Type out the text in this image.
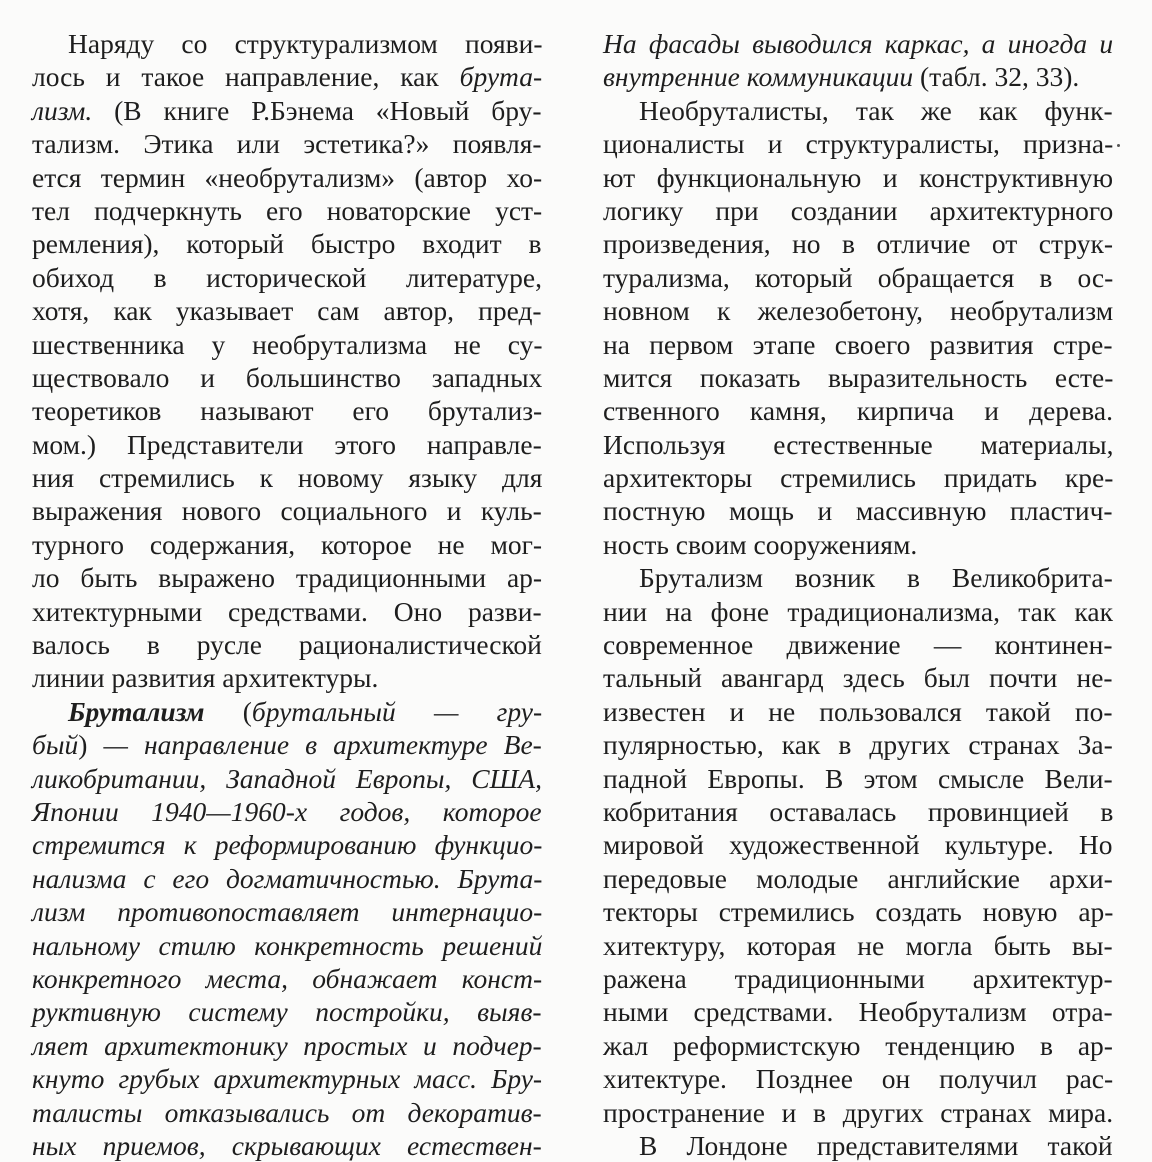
Наряду со структурализмом появи-
лось и такое направление, как брута-
лизм. (В книге Р.Бэнема «Новый бру-
тализм. Этика или эстетика?» появля-
ется термин «необрутализм» (автор хо-
тел подчеркнуть его новаторские уст-
ремления), который быстро входит в
обиход в исторической литературе,
хотя, как указывает сам автор, пред-
шественника у необрутализма не су-
ществовало и большинство западных
теоретиков называют его брутализ-
мом.) Представители этого направле-
ния стремились к новому языку для
выражения нового социального и куль-
турного содержания, которое не мог-
ло быть выражено традиционными ар-
хитектурными средствами. Оно разви-
валось в русле рационалистической
линии развития архитектуры.
Брутализм (брутальный — гру-
бый) — направление в архитектуре Ве-
ликобритании, Западной Европы, США,
Японии 1940—1960-х годов, которое
стремится к реформированию функцио-
нализма с его догматичностью. Брута-
лизм противопоставляет интернацио-
нальному стилю конкретность решений
конкретного места, обнажает конст-
руктивную систему постройки, выяв-
ляет архитектонику простых и подчер-
кнуто грубых архитектурных масс. Бру-
талисты отказывались от декоратив-
ных приемов, скрывающих естествен-
На фасады выводился каркас, а иногда и
внутренние коммуникации (табл. 32, 33).
Необруталисты, так же как функ-
ционалисты и структуралисты, призна-
ют функциональную и конструктивную
логику при создании архитектурного
произведения, но в отличие от струк-
турализма, который обращается в ос-
новном к железобетону, необрутализм
на первом этапе своего развития стре-
мится показать выразительность есте-
ственного камня, кирпича и дерева.
Используя естественные материалы,
архитекторы стремились придать кре-
постную мощь и массивную пластич-
ность своим сооружениям.
Брутализм возник в Великобрита-
нии на фоне традиционализма, так как
современное движение — континен-
тальный авангард здесь был почти не-
известен и не пользовался такой по-
пулярностью, как в других странах За-
падной Европы. В этом смысле Вели-
кобритания оставалась провинцией в
мировой художественной культуре. Но
передовые молодые английские архи-
текторы стремились создать новую ар-
хитектуру, которая не могла быть вы-
ражена традиционными архитектур-
ными средствами. Необрутализм отра-
жал реформистскую тенденцию в ар-
хитектуре. Позднее он получил рас-
пространение и в других странах мира.
В Лондоне представителями такой
